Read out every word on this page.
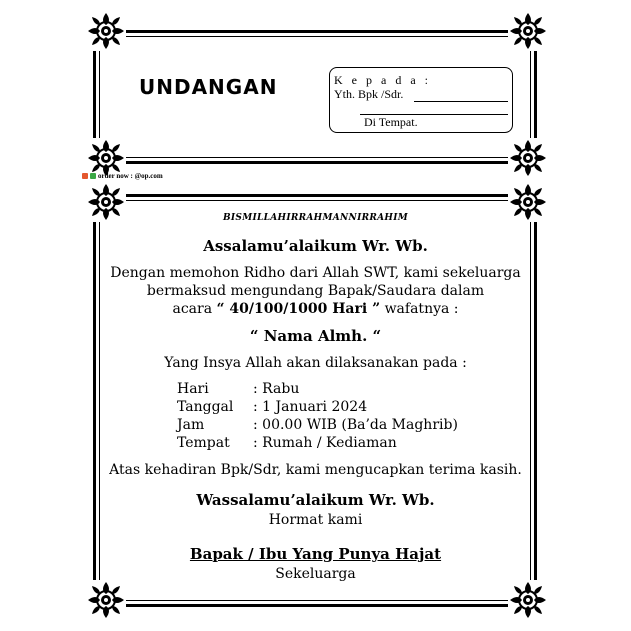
UNDANGAN	K e p a d a :
Yth. Bpk /Sdr.
Di Tempat.
order now : @op.com
BISMILLAHIRRAHMANNIRRAHIM
Assalamu’alaikum Wr. Wb.
Dengan memohon Ridho dari Allah SWT, kami sekeluarga
bermaksud mengundang Bapak/Saudara dalam
acara “ 40/100/1000 Hari ” wafatnya :
“ Nama Almh. “
Yang Insya Allah akan dilaksanakan pada :
Hari	: Rabu
Tanggal	: 1 Januari 2024
Jam	: 00.00 WIB (Ba’da Maghrib)
Tempat	: Rumah / Kediaman
Atas kehadiran Bpk/Sdr, kami mengucapkan terima kasih.
Wassalamu’alaikum Wr. Wb.
Hormat kami
Bapak / Ibu Yang Punya Hajat
Sekeluarga
